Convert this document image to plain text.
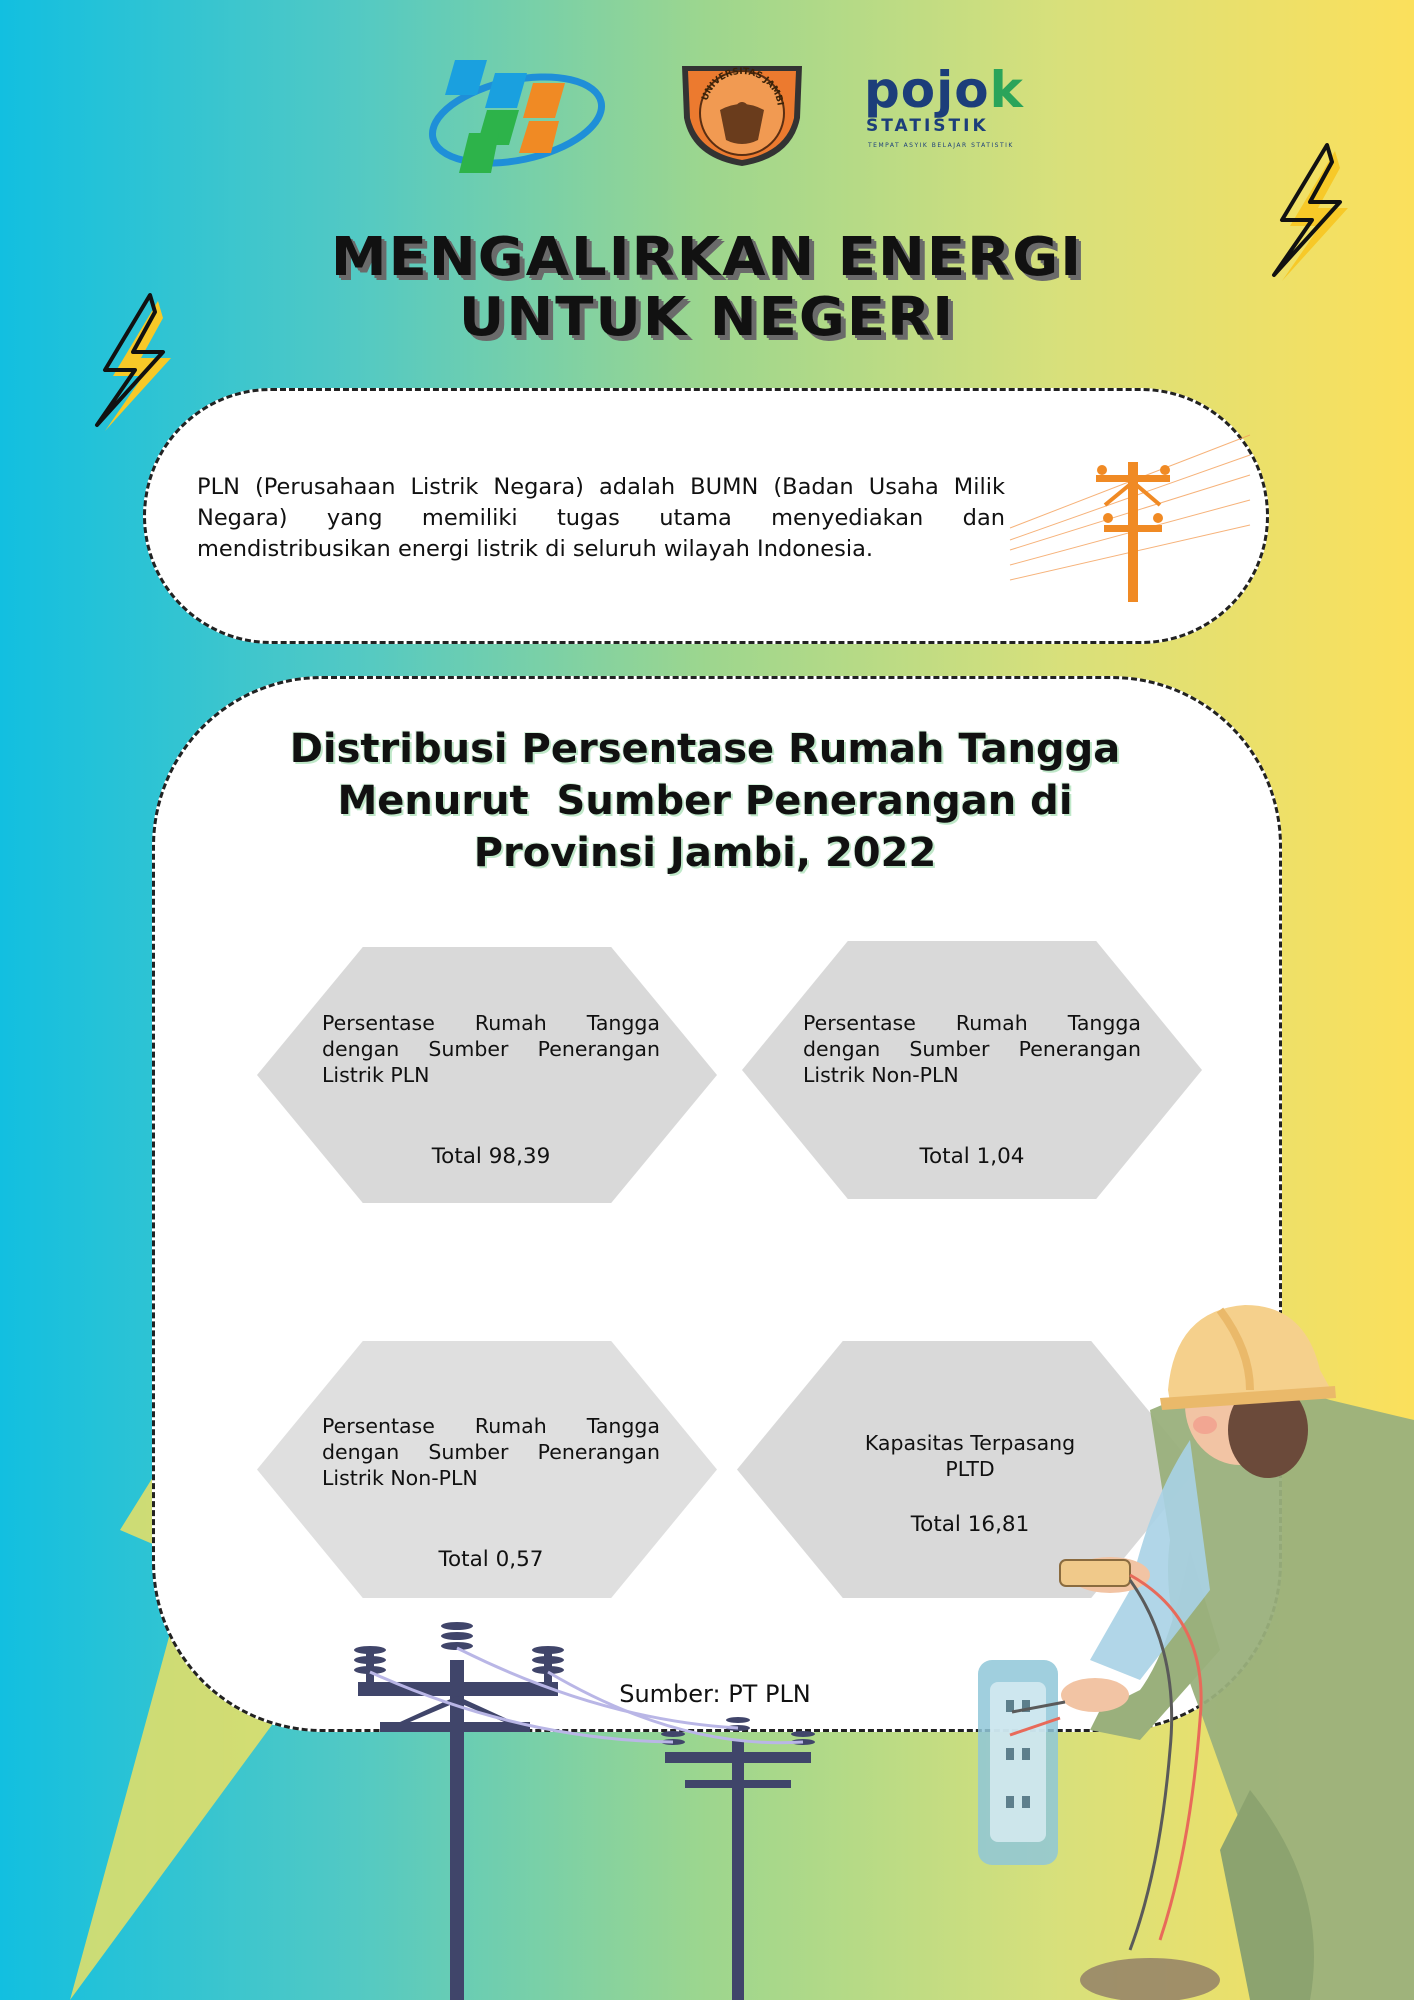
UNIVERSITAS JAMBI pojok
STATISTIK
TEMPAT ASYIK BELAJAR STATISTIK
MENGALIRKAN ENERGI
UNTUK NEGERI
PLN (Perusahaan Listrik Negara) adalah BUMN (Badan Usaha Milik Negara) yang memiliki tugas utama menyediakan dan mendistribusikan energi listrik di seluruh wilayah Indonesia.
Distribusi Persentase Rumah Tangga
Menurut  Sumber Penerangan di
Provinsi Jambi, 2022
Persentase Rumah Tangga dengan Sumber Penerangan Listrik PLN
Total 98,39
Persentase Rumah Tangga dengan Sumber Penerangan Listrik Non-PLN
Total 1,04
Persentase Rumah Tangga dengan Sumber Penerangan Listrik Non-PLN
Total 0,57
Kapasitas Terpasang PLTD
Total 16,81
Sumber: PT PLN
